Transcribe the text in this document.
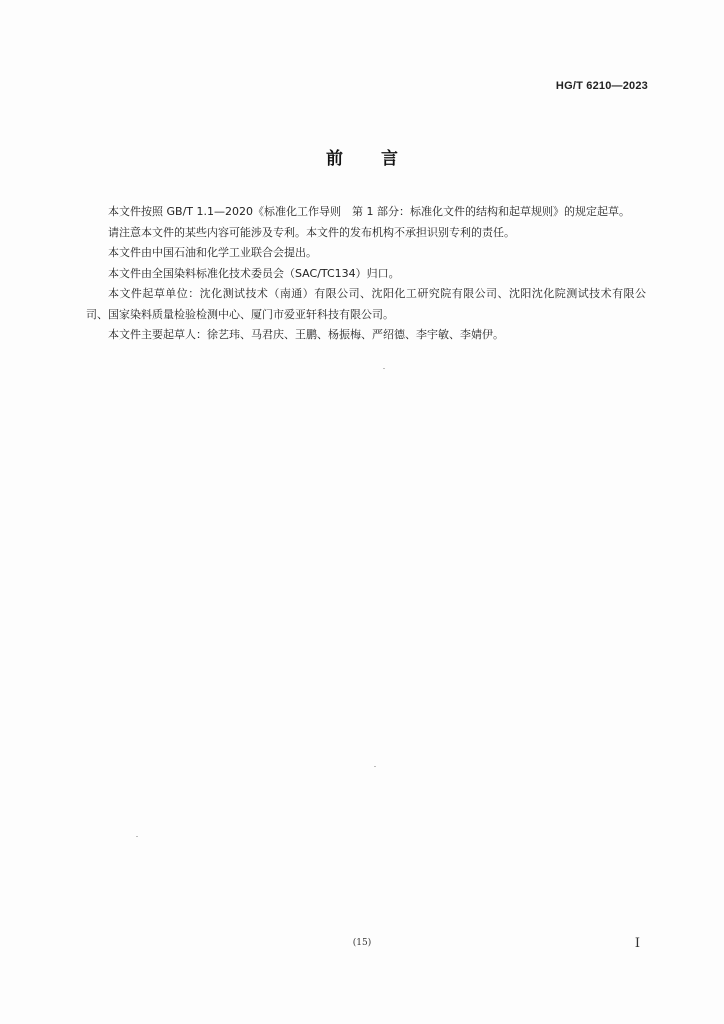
HG/T 6210—2023
前 言

本文件按照 GB/T 1.1—2020《标准化工作导则　第 1 部分：标准化文件的结构和起草规则》的规定起草。

请注意本文件的某些内容可能涉及专利。本文件的发布机构不承担识别专利的责任。

本文件由中国石油和化学工业联合会提出。

本文件由全国染料标准化技术委员会（SAC/TC134）归口。

本文件起草单位：沈化测试技术（南通）有限公司、沈阳化工研究院有限公司、沈阳沈化院测试技术有限公司、国家染料质量检验检测中心、厦门市爱亚轩科技有限公司。

本文件主要起草人：徐艺玮、马君庆、王鹏、杨振梅、严绍德、李宇敏、李婧伊。

(15)	I
